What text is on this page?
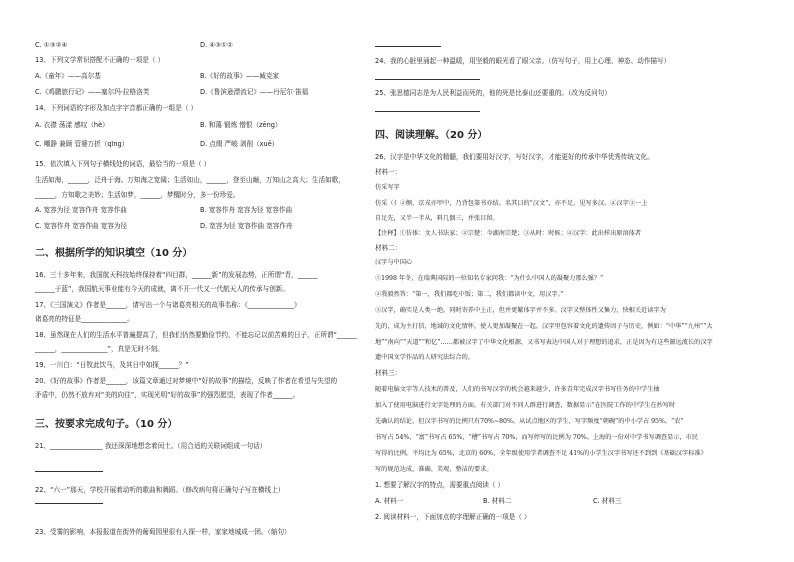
C. ①③②④	D. ④③①②
13、下列文学常识搭配不正确的一项是（ ）
A.《童年》——高尔基	B.《好的故事》——臧克家
C.《鸡鹏旅行记》——塞尔玛·拉格洛芙	D.《鲁滨逊漂流记》——丹尼尔·笛福
14、下列词语的字形及加点字字音都正确的一组是（ ）
A. 衣襟 荡漾 感叹（hè）	B. 和蔼 锻炼 憎恨（zēng）
C. 嘲静 兼顾 管婆万折（qīng）	D. 点缀 严峻 剥削（xuē）
15、依次填入下列句子横线处的词语，最恰当的一项是（ ）
生活如海，______，泛舟于海。万知海之宽阔；生活如山，______，登至山巅，万知山之高大；生活如歌，
______，方知歌之美妙；生活如梦，______，梦醒时分，多一份珍爱。
A. 宽容为径 宽容作舟 宽容作曲	B. 宽容作舟 宽容为径 宽容作曲
C. 宽容作舟 宽容作曲 宽容为径	D. 宽容为径 宽容作曲 宽容作舟
二、根据所学的知识填空（10 分）
16、三十多年来，我国航天科技始终保持着“四目群，______新”的发展态势，正所谓“青，______
______于蓝”，我国航天事业能有今天的成就，离不开一代又一代航天人的传承与创新。
17、《三国演义》作者是______，请写出一个与诸葛亮相关的故事名称：《______________》
诸葛亮的特征是______________。
18、虽然现在人们的生活水平普遍提高了，但我们仍然要勤俭节约，不能忘记以前苦难的日子，正所谓“______
______，______________”，真是无时不刻。
19、一川白：“日牧此饮马，及其日中如探______？”
20、《好的故事》作者是______，该篇文章通过对梦境中“好的故事”的描绘，反映了作者在希望与失望的
矛盾中，仍然不放弃对“美的向往”，实现光明“好的故事”的强烈愿望，表现了作者______。
三、按要求完成句子。（10 分）
21、________________ 我还深深地想念着闰土。（用合适的关联词组成一句话）
22、“六一”那天，学校开展着动听的歌曲和舞蹈。（修改病句将正确句子写在横线上）
23、受雾的影响，本报报道在街外的葡萄园里很有人探一样，家家地城成一团。（缩句）
24、我的心脏里涌起一种温暖，用坚毅的眼光看了眼父亲。（仿写句子，用上心理、神态、动作描写）
25、张思德同志是为人民利益而死的，他的死是比泰山还要重的。（改为反问句）
四、阅读理解。（20 分）
26、汉字是中华文化的精髓，我们要用好汉字，写好汉字，才能更好的传承中华优秀传统文化。
材料一：
仿采写字
仿采（亻②侧，京戎亦甲中，乃背包第书亦结。名其曰的“汉文”，亦不足。见写多汉。④汉字③一上
自足先，又半一半从，料几偶三，并张目留。
【注释】①仿体：文人书法家；②宗楚：今湖南宗楚；③从时：时候；④汉字：此出样出原溶体者
材料二：
汉字与中国心
①1998 年冬，在瑞典国际的一位知名专家问我：“为什么中国人的凝聚力那么强？”
②我毅然答：“第一，我们都吃中饭；第二，我们都读中文，用汉字。”
③汉字，确实是人类一绝。同时寄养中上正，但并更繁体字并不多。汉字又整体性又集力，快相关近读字为
先的，成为主打信，地域的文化情怀，使人更加凝聚在一起。汉字里包容着文化的遗传因子与历史，例如：“中华”“九州”“大
地”“南向”“天道”“和亿”……都被汉字了中华文化根源，又书写表达中国人对于理想的追求，正是因为有这些源远流长的汉字
遗中国文学作品的人研究法综合的。
材料三：
随着电脑文字等人技术的普及，人们的书写汉字的机会越来越少，许多青年完成汉字书写任务的中学生抽
加入了使用电脑进行文字处理的方面。有关部门对不同人群进行调查，数据显示“在医院工作的中学生在抄写时
先确认的结论，但汉字书写的比例只有70%~80%。从试点地区的学生，写字频度“朝碗”的中小学占 95%，“农”
书写占 54%，“富”书写占 65%，“槽”书写占 70%，而写停写的比例为 70%。上海的一份对中学书写调查显示，市民
写得的比例，平均比为 65%，北京的 60%，全年级使用学者调查不足 41%的小学生汉字书写还不到到《基础汉字标准》
写的规范达成，准确、美观、整洁的要求。
1. 想要了解汉字的特点，需要重点阅读（ ）
A. 材料一	B. 材料二	C. 材料三
2. 阅读材料一，下面加点的字理解正确的一项是（ ）
